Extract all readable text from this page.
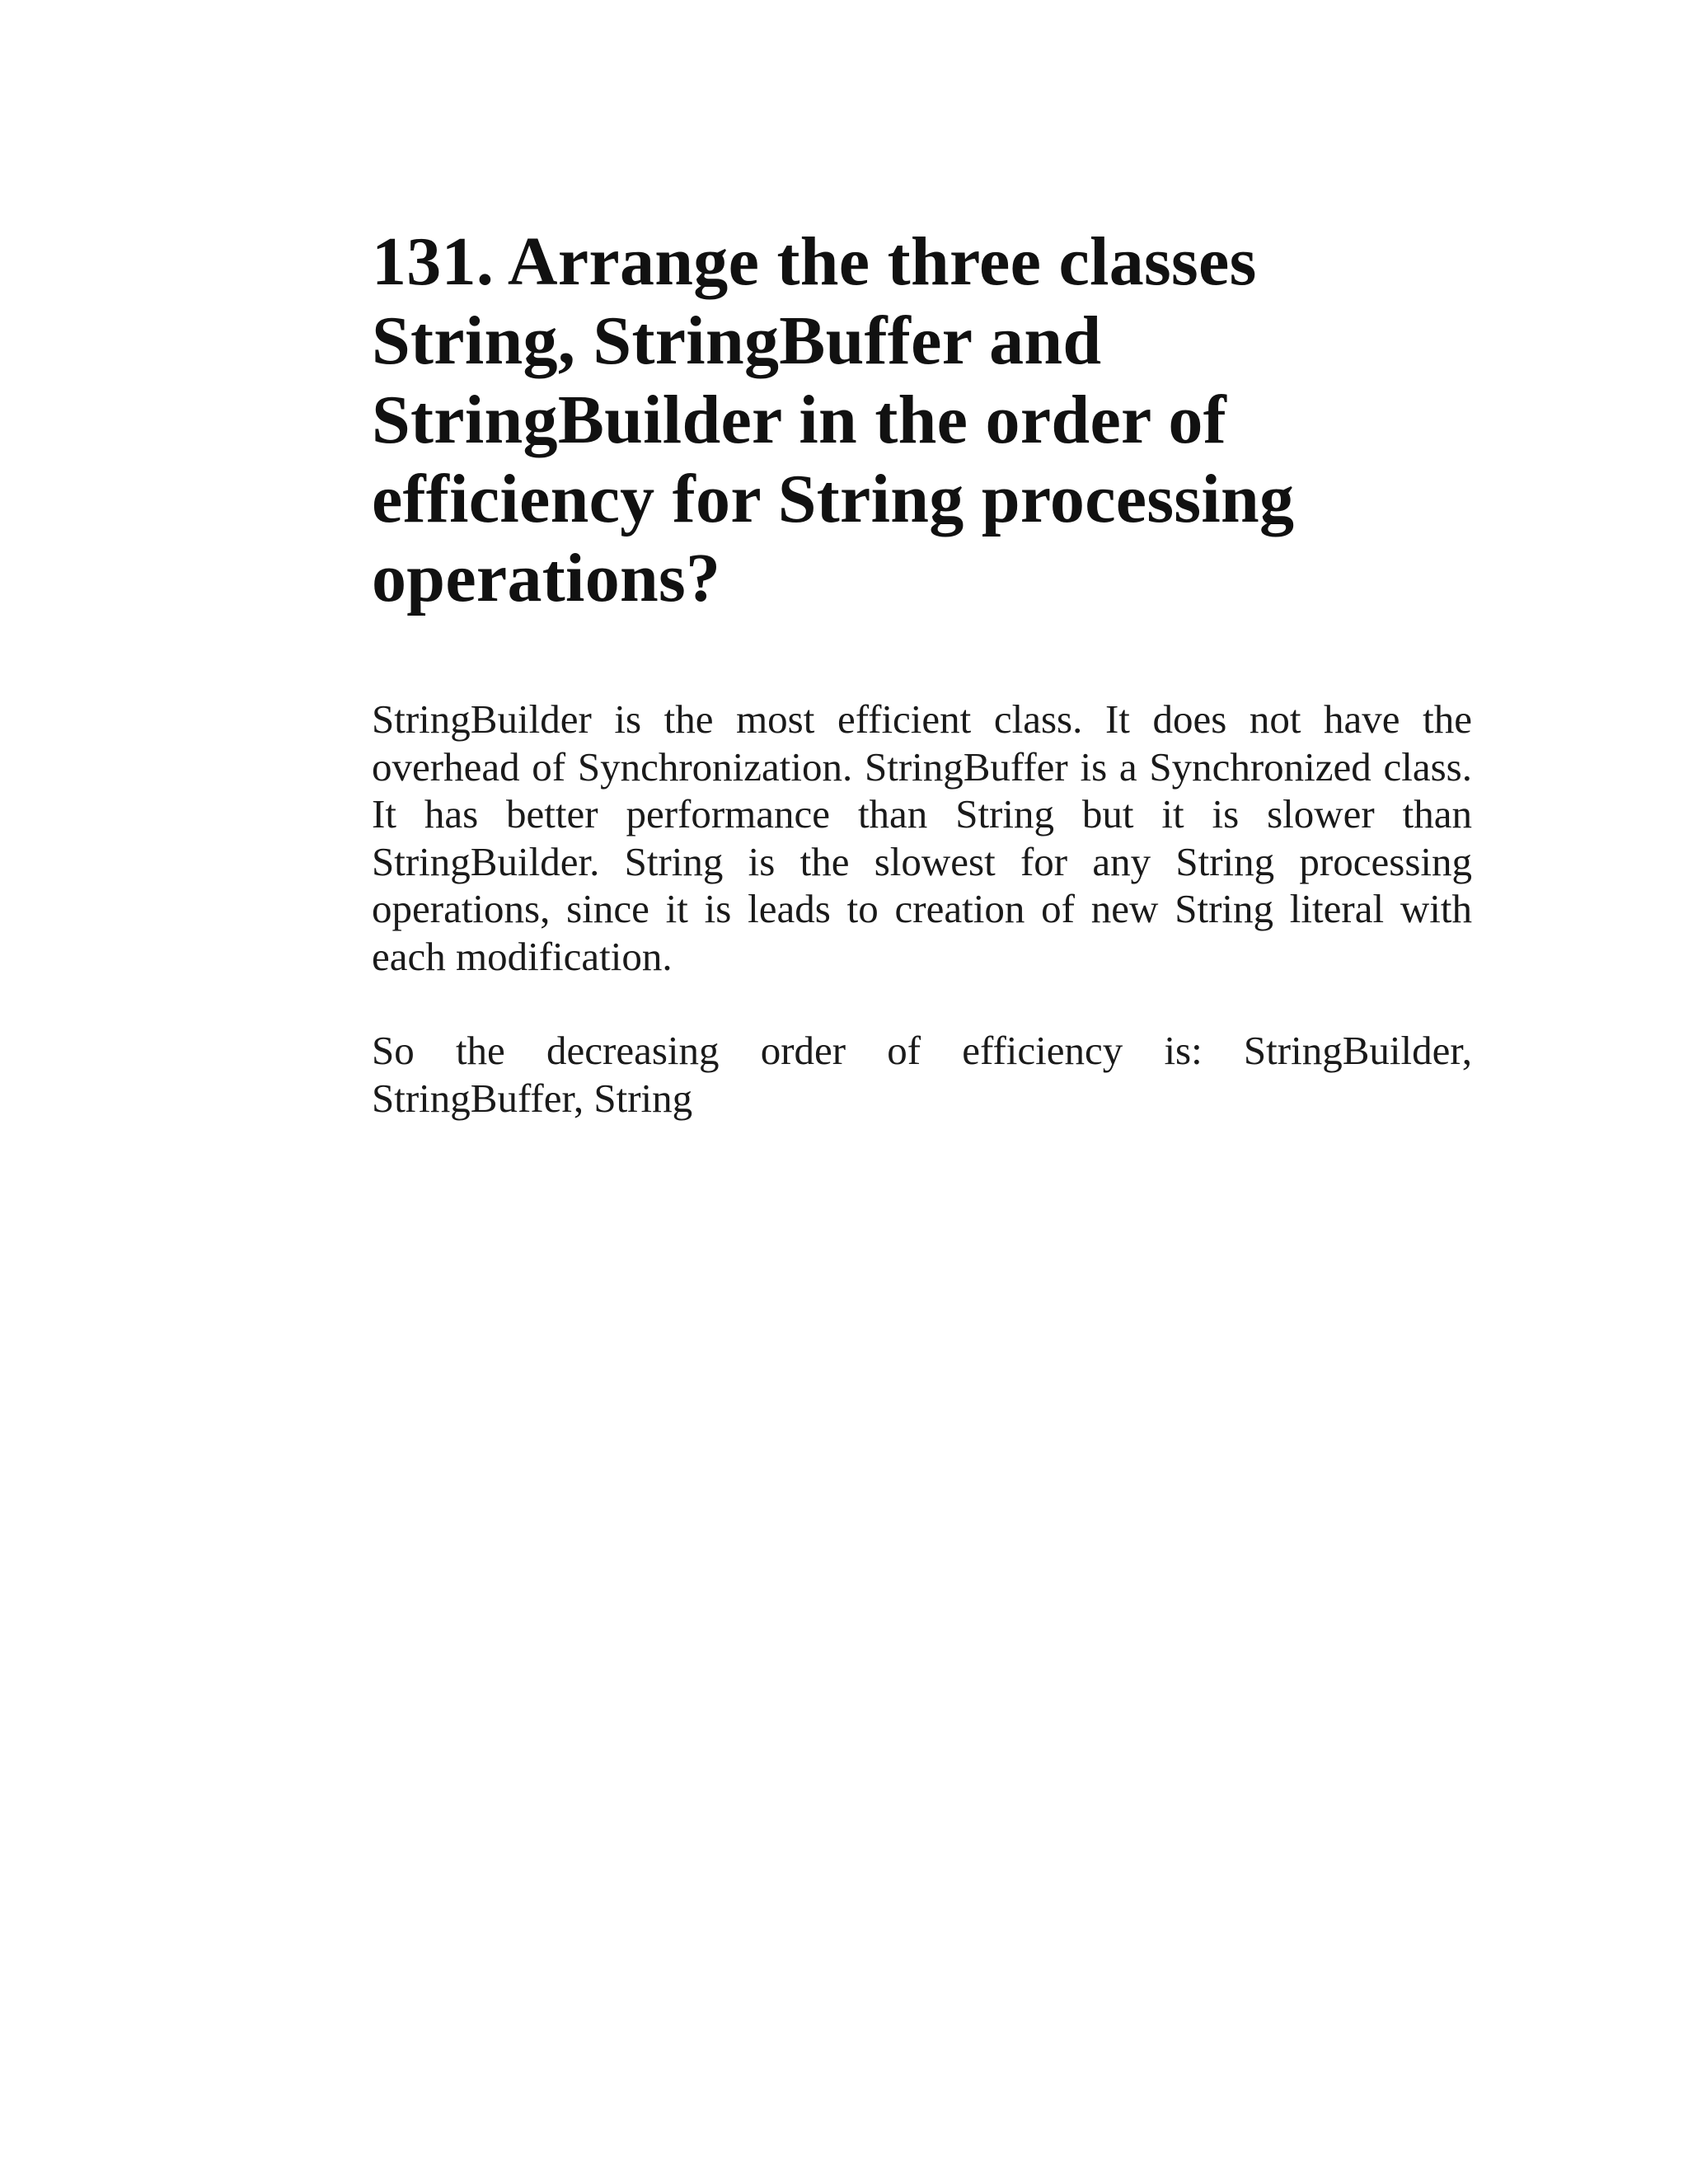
131. Arrange the three classes String, StringBuffer and StringBuilder in the order of efficiency for String processing operations?

StringBuilder is the most efficient class. It does not have the overhead of Synchronization. StringBuffer is a Synchronized class. It has better performance than String but it is slower than StringBuilder. String is the slowest for any String processing operations, since it is leads to creation of new String literal with each modification.

So the decreasing order of efficiency is: StringBuilder, StringBuffer, String
